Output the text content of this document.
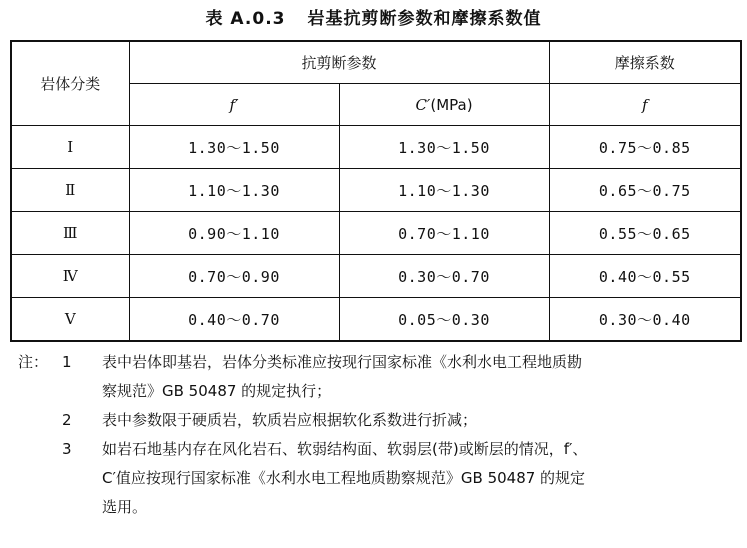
表 A.0.3 岩基抗剪断参数和摩擦系数值
岩体分类	抗剪断参数		摩擦系数
	f′	C′(MPa)	f
Ⅰ	1.30～1.50	1.30～1.50	0.75～0.85
Ⅱ	1.10～1.30	1.10～1.30	0.65～0.75
Ⅲ	0.90～1.10	0.70～1.10	0.55～0.65
Ⅳ	0.70～0.90	0.30～0.70	0.40～0.55
Ⅴ	0.40～0.70	0.05～0.30	0.30～0.40
注： 1	表中岩体即基岩，岩体分类标准应按现行国家标准《水利水电工程地质勘
察规范》GB 50487 的规定执行；
2	表中参数限于硬质岩，软质岩应根据软化系数进行折减；
3	如岩石地基内存在风化岩石、软弱结构面、软弱层(带)或断层的情况，f′、
C′值应按现行国家标准《水利水电工程地质勘察规范》GB 50487 的规定
选用。
